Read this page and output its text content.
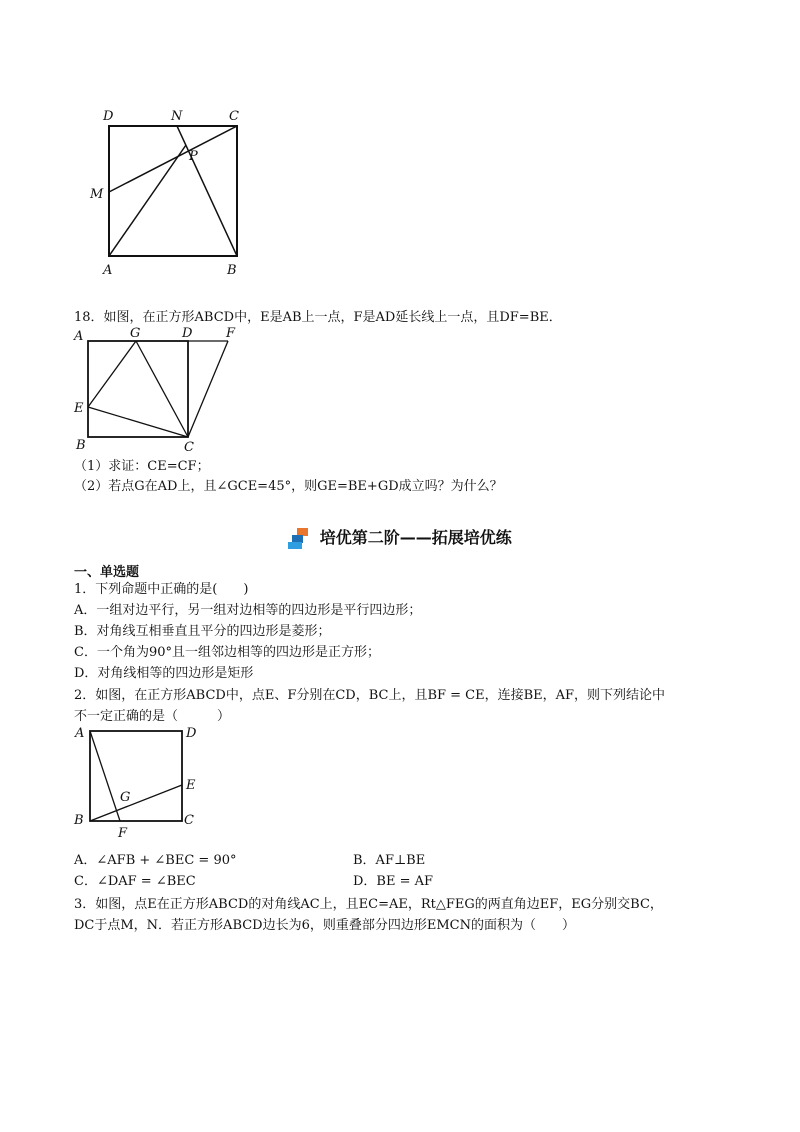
D	N	C
P
M
A	B
18．如图，在正方形ABCD中，E是AB上一点，F是AD延长线上一点，且DF=BE．
A	G	D	F
E
B	C
（1）求证：CE=CF；
（2）若点G在AD上，且∠GCE=45°，则GE=BE+GD成立吗？为什么？
培优第二阶——拓展培优练
一、单选题
1．下列命题中正确的是(　　)
A．一组对边平行，另一组对边相等的四边形是平行四边形；
B．对角线互相垂直且平分的四边形是菱形；
C．一个角为90°且一组邻边相等的四边形是正方形；
D．对角线相等的四边形是矩形
2．如图，在正方形ABCD中，点E、F分别在CD，BC上，且BF = CE，连接BE，AF，则下列结论中
不一定正确的是（　　　）
A	D
E
G
B
F
C
A．∠AFB + ∠BEC = 90°	B．AF⊥BE
C．∠DAF = ∠BEC	D．BE = AF
3．如图，点E在正方形ABCD的对角线AC上，且EC=AE，Rt△FEG的两直角边EF，EG分别交BC，
DC于点M，N．若正方形ABCD边长为6，则重叠部分四边形EMCN的面积为（　　）
